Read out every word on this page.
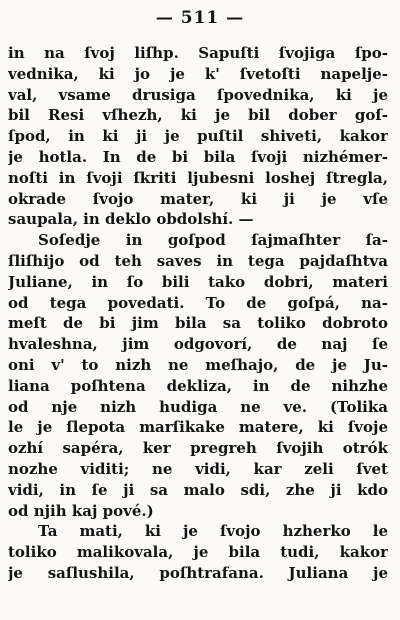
— 511 —
in na ſvoj liſhp. Sapuſti ſvojiga ſpo-
vednika, ki jo je k' ſvetoſti napelje-
val, vsame drusiga ſpovednika, ki je
bil Resi vſhezh, ki je bil dober goſ-
ſpod, in ki ji je puſtil shiveti, kakor
je hotla. In de bi bila ſvoji nizhémer-
noſti in ſvoji ſkriti ljubesni loshej ſtregla,
okrade ſvojo mater, ki ji je vſe
saupala, in deklo obdolshí. —
Soſedje in goſpod ſajmaſhter ſa-
ſliſhijo od teh saves in tega pajdaſhtva
Juliane, in ſo bili tako dobri, materi
od tega povedati. To de goſpá, na-
meſt de bi jim bila sa toliko dobroto
hvaleshna, jim odgovorí, de naj ſe
oni v' to nizh ne meſhajo, de je Ju-
liana poſhtena dekliza, in de nihzhe
od nje nizh hudiga ne ve. (Tolika
le je ſlepota marſikake matere, ki ſvoje
ozhí sapéra, ker pregreh ſvojih otrók
nozhe viditi; ne vidi, kar zeli ſvet
vidi, in ſe ji sa malo sdi, zhe ji kdo
od njih kaj pové.)
Ta mati, ki je ſvojo hzherko le
toliko malikovala, je bila tudi, kakor
je saſlushila, poſhtrafana. Juliana je
